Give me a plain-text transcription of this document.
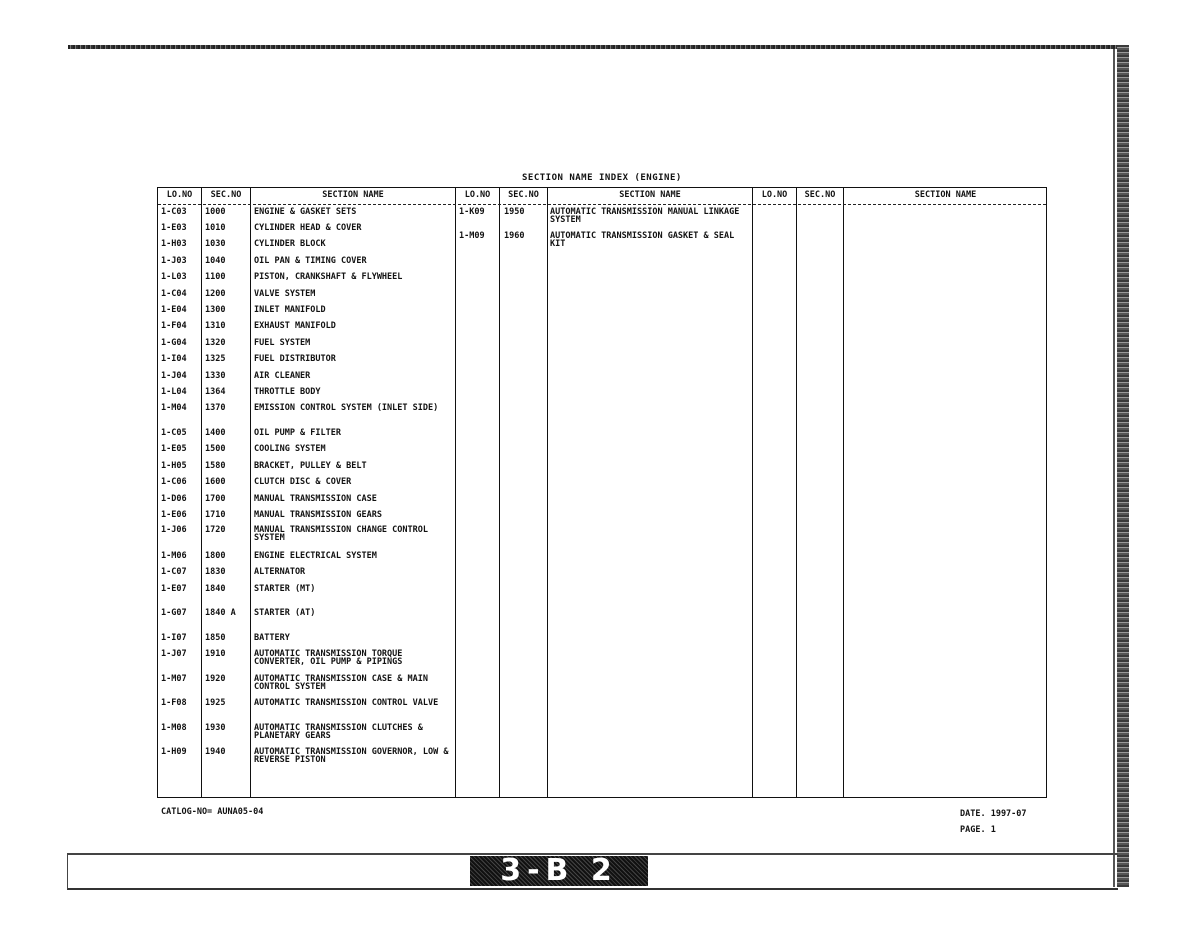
3-B 2
SECTION NAME INDEX (ENGINE)
LO.NO	SEC.NO	SECTION NAME	LO.NO	SEC.NO	SECTION NAME	LO.NO	SEC.NO	SECTION NAME
1-C03 1000	ENGINE & GASKET SETS
1-E03 1010	CYLINDER HEAD & COVER
1-H03 1030	CYLINDER BLOCK
1-J03 1040	OIL PAN & TIMING COVER
1-L03 1100	PISTON, CRANKSHAFT & FLYWHEEL
1-C04 1200	VALVE SYSTEM
1-E04 1300	INLET MANIFOLD
1-F04 1310	EXHAUST MANIFOLD
1-G04 1320	FUEL SYSTEM
1-I04 1325	FUEL DISTRIBUTOR
1-J04 1330	AIR CLEANER
1-L04 1364	THROTTLE BODY
1-M04 1370	EMISSION CONTROL SYSTEM (INLET SIDE)
1-C05 1400	OIL PUMP & FILTER
1-E05 1500	COOLING SYSTEM
1-H05 1580	BRACKET, PULLEY & BELT
1-C06 1600	CLUTCH DISC & COVER
1-D06 1700	MANUAL TRANSMISSION CASE
1-E06 1710	MANUAL TRANSMISSION GEARS
1-J06 1720	MANUAL TRANSMISSION CHANGE CONTROL SYSTEM
1-M06 1800	ENGINE ELECTRICAL SYSTEM
1-C07 1830	ALTERNATOR
1-E07 1840	STARTER (MT)
1-G07 1840 A STARTER (AT)
1-I07 1850	BATTERY
1-J07 1910	AUTOMATIC TRANSMISSION TORQUE CONVERTER, OIL PUMP & PIPINGS
1-M07 1920	AUTOMATIC TRANSMISSION CASE & MAIN CONTROL SYSTEM
1-F08 1925	AUTOMATIC TRANSMISSION CONTROL VALVE
1-M08 1930	AUTOMATIC TRANSMISSION CLUTCHES & PLANETARY GEARS
1-H09 1940	AUTOMATIC TRANSMISSION GOVERNOR, LOW & REVERSE PISTON
1-K09 1950	AUTOMATIC TRANSMISSION MANUAL LINKAGE SYSTEM
1-M09 1960	AUTOMATIC TRANSMISSION GASKET & SEAL KIT
CATLOG-NO= AUNA05-04	DATE. 1997-07
PAGE. 1
